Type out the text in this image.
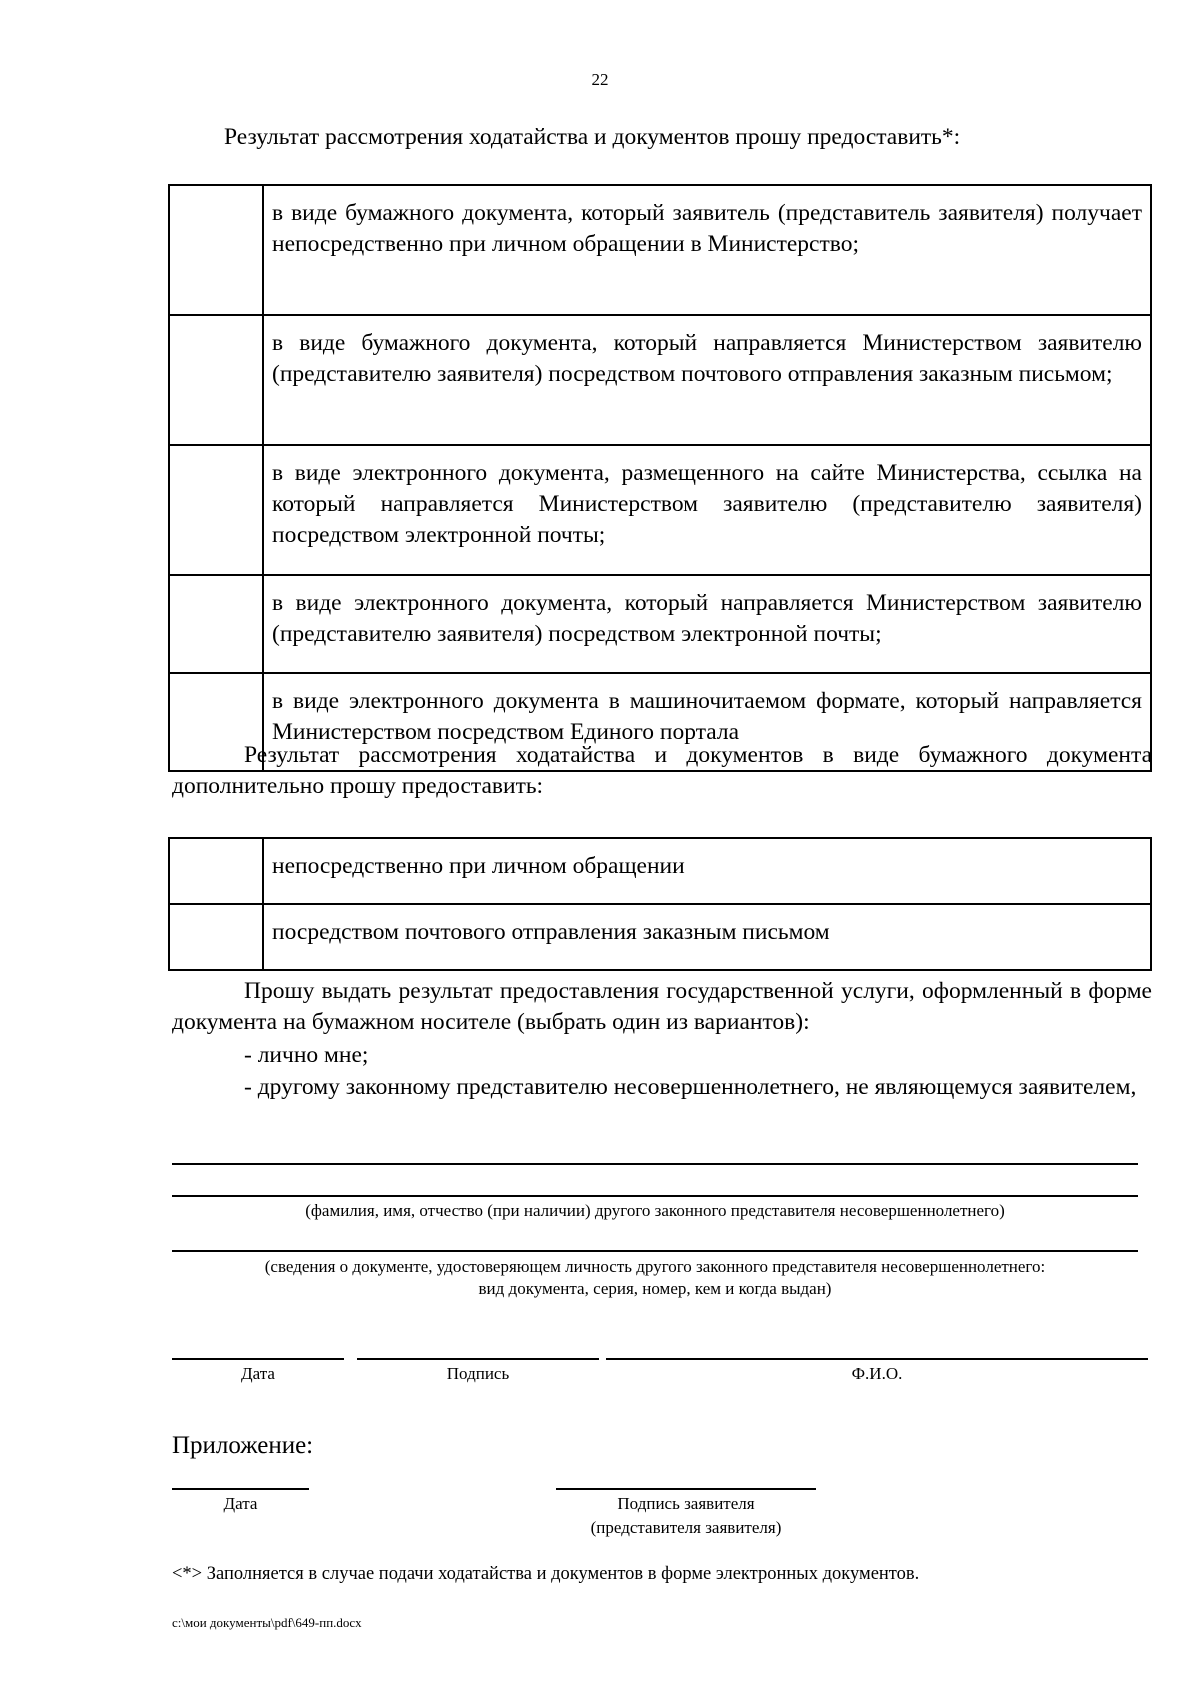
22
Результат рассмотрения ходатайства и документов прошу предоставить*:
	в виде бумажного документа, который заявитель (представитель заявителя) получает непосредственно при личном обращении в Министерство;
	в виде бумажного документа, который направляется Министерством заявителю (представителю заявителя) посредством почтового отправления заказным письмом;
	в виде электронного документа, размещенного на сайте Министерства, ссылка на который направляется Министерством заявителю (представителю заявителя) посредством электронной почты;
	в виде электронного документа, который направляется Министерством заявителю (представителю заявителя) посредством электронной почты;
	в виде электронного документа в машиночитаемом формате, который направляется Министерством посредством Единого портала
Результат рассмотрения ходатайства и документов в виде бумажного документа дополнительно прошу предоставить:
	непосредственно при личном обращении
	посредством почтового отправления заказным письмом
Прошу выдать результат предоставления государственной услуги, оформленный в форме документа на бумажном носителе (выбрать один из вариантов):
- лично мне;
- другому законному представителю несовершеннолетнего, не являющемуся заявителем,
(фамилия, имя, отчество (при наличии) другого законного представителя несовершеннолетнего)
(сведения о документе, удостоверяющем личность другого законного представителя несовершеннолетнего:
вид документа, серия, номер, кем и когда выдан)
Дата	Подпись	Ф.И.О.
Приложение:
Дата	Подпись заявителя
(представителя заявителя)
<*> Заполняется в случае подачи ходатайства и документов в форме электронных документов.
c:\мои документы\pdf\649-пп.docx
